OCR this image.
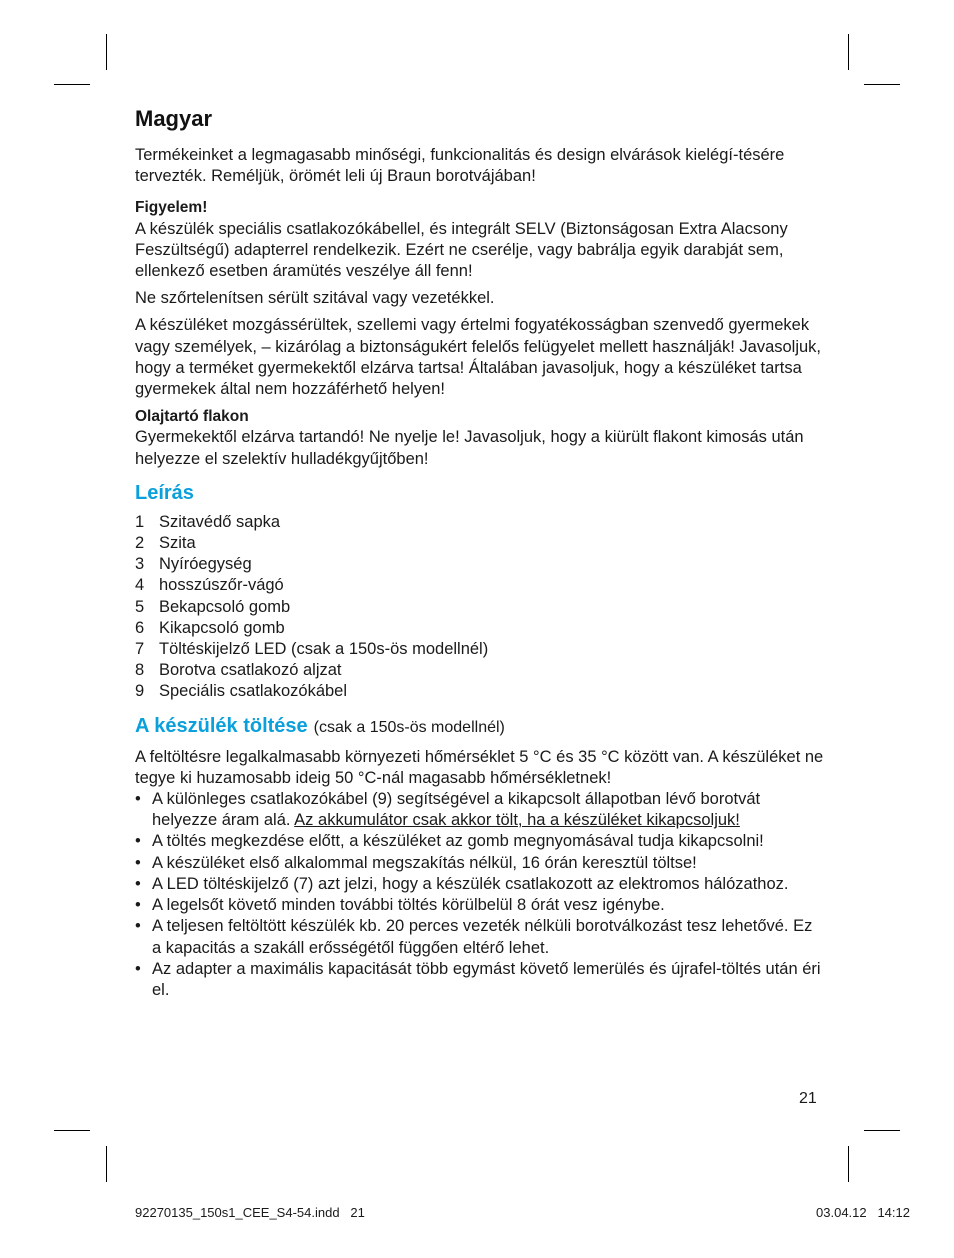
Magyar

Termékeinket a legmagasabb minőségi, funkcionalitás és design elvárások kielégí-tésére tervezték. Reméljük, örömét leli új Braun borotvájában!

Figyelem!

A készülék speciális csatlakozókábellel, és integrált SELV (Biztonságosan Extra Alacsony Feszültségű) adapterrel rendelkezik. Ezért ne cserélje, vagy babrálja egyik darabját sem, ellenkező esetben áramütés veszélye áll fenn!

Ne szőrtelenítsen sérült szitával vagy vezetékkel.

A készüléket mozgássérültek, szellemi vagy értelmi fogyatékosságban szenvedő gyermekek vagy személyek, – kizárólag a biztonságukért felelős felügyelet mellett használják! Javasoljuk, hogy a terméket gyermekektől elzárva tartsa! Általában javasoljuk, hogy a készüléket tartsa gyermekek által nem hozzáférhető helyen!

Olajtartó flakon

Gyermekektől elzárva tartandó! Ne nyelje le! Javasoljuk, hogy a kiürült flakont kimosás után helyezze el szelektív hulladékgyűjtőben!

Leírás
1 Szitavédő sapka
2 Szita
3 Nyíróegység
4 hosszúszőr-vágó
5 Bekapcsoló gomb
6 Kikapcsoló gomb
7 Töltéskijelző LED (csak a 150s-ös modellnél)
8 Borotva csatlakozó aljzat
9 Speciális csatlakozókábel
A készülék töltése (csak a 150s-ös modellnél)

A feltöltésre legalkalmasabb környezeti hőmérséklet 5 °C és 35 °C között van. A készüléket ne tegye ki huzamosabb ideig 50 °C-nál magasabb hőmérsékletnek!

• A különleges csatlakozókábel (9) segítségével a kikapcsolt állapotban lévő borotvát helyezze áram alá. Az akkumulátor csak akkor tölt, ha a készüléket kikapcsoljuk!
• A töltés megkezdése előtt, a készüléket az gomb megnyomásával tudja kikapcsolni!
• A készüléket első alkalommal megszakítás nélkül, 16 órán keresztül töltse!
• A LED töltéskijelző (7) azt jelzi, hogy a készülék csatlakozott az elektromos hálózathoz.
• A legelsőt követő minden további töltés körülbelül 8 órát vesz igénybe.
• A teljesen feltöltött készülék kb. 20 perces vezeték nélküli borotválkozást tesz lehetővé. Ez a kapacitás a szakáll erősségétől függően eltérő lehet.
• Az adapter a maximális kapacitását több egymást követő lemerülés és újrafel-töltés után éri el.
21
92270135_150s1_CEE_S4-54.indd   21	03.04.12   14:12
